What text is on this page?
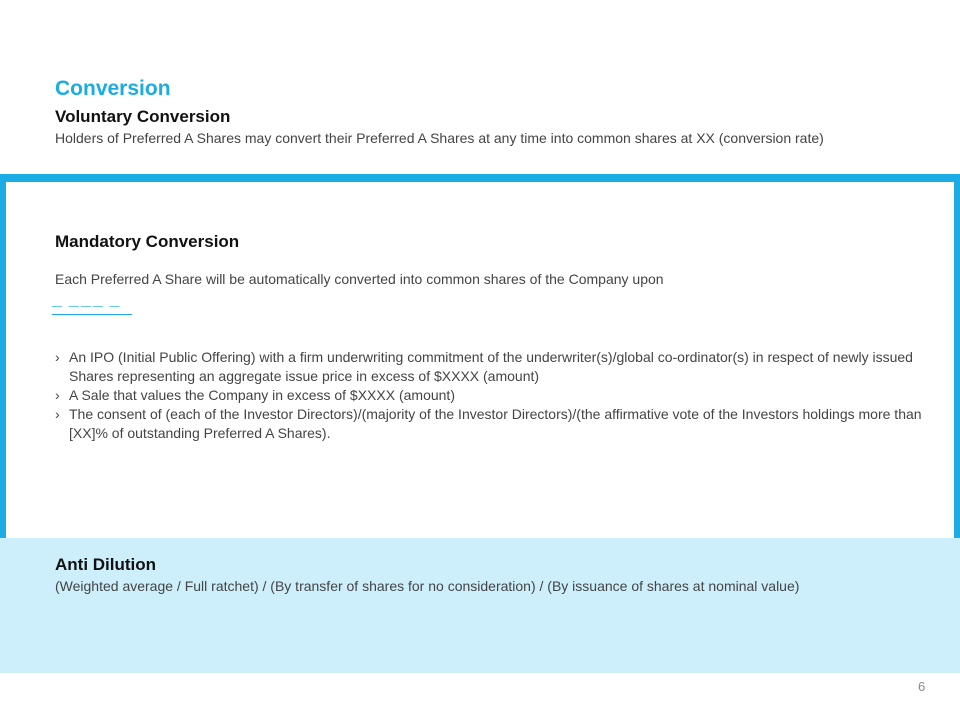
Conversion
Voluntary Conversion

Holders of Preferred A Shares may convert their Preferred A Shares at any time into common shares at XX (conversion rate)

Mandatory Conversion

Each Preferred A Share will be automatically converted into common shares of the Company upon

— ——— —
› An IPO (Initial Public Offering) with a firm underwriting commitment of the underwriter(s)/global co-ordinator(s) in respect of newly issued Shares representing an aggregate issue price in excess of $XXXX (amount)
› A Sale that values the Company in excess of $XXXX (amount)
› The consent of (each of the Investor Directors)/(majority of the Investor Directors)/(the affirmative vote of the Investors holdings more than [XX]% of outstanding Preferred A Shares).
Anti Dilution

(Weighted average / Full ratchet) / (By transfer of shares for no consideration) / (By issuance of shares at nominal value)

6
